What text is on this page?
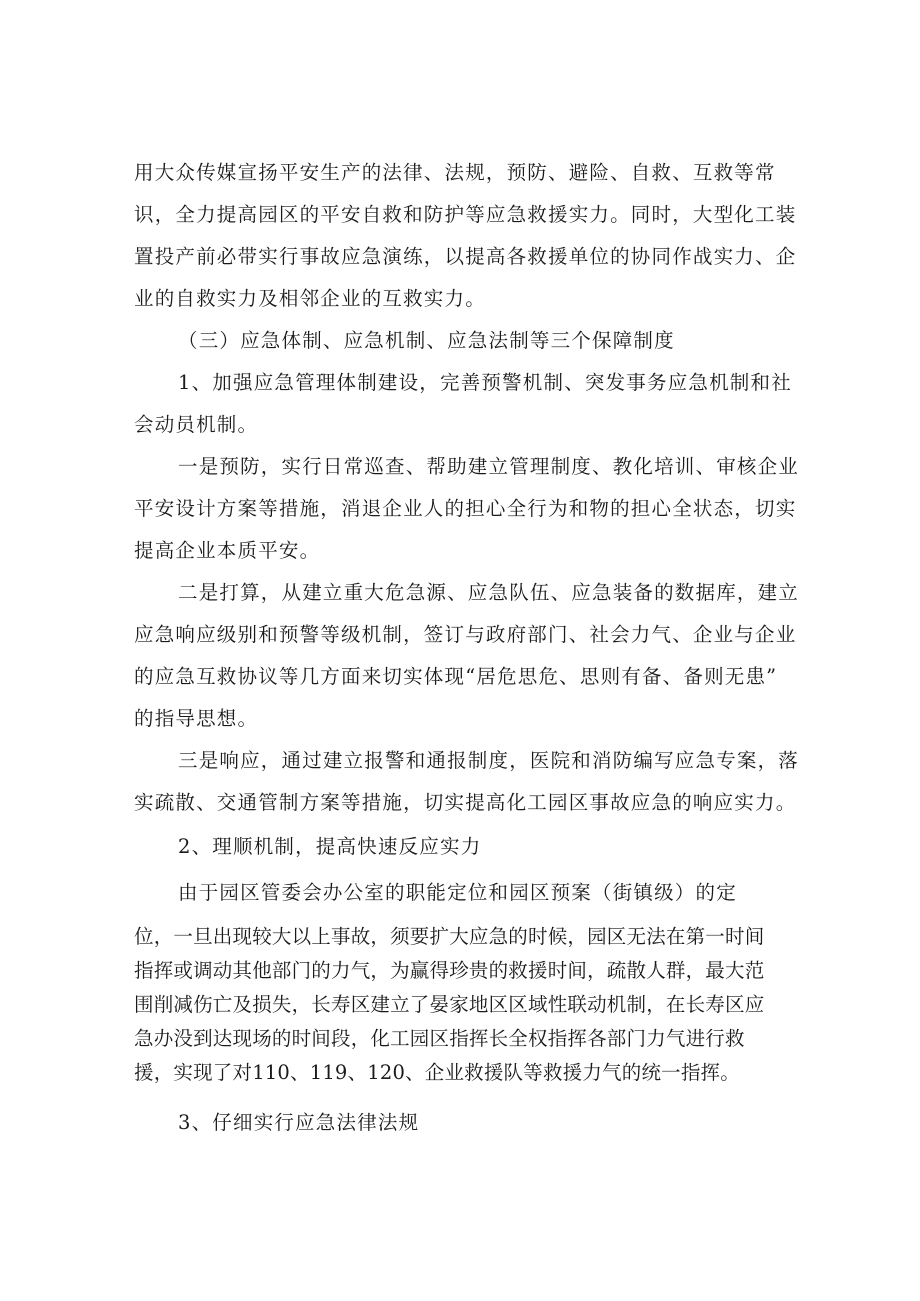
用大众传媒宣扬平安生产的法律、法规，预防、避险、自救、互救等常
识，全力提高园区的平安自救和防护等应急救援实力。同时，大型化工装
置投产前必带实行事故应急演练，以提高各救援单位的协同作战实力、企
业的自救实力及相邻企业的互救实力。
（三）应急体制、应急机制、应急法制等三个保障制度
1、加强应急管理体制建设，完善预警机制、突发事务应急机制和社
会动员机制。
一是预防，实行日常巡查、帮助建立管理制度、教化培训、审核企业
平安设计方案等措施，消退企业人的担心全行为和物的担心全状态，切实
提高企业本质平安。
二是打算，从建立重大危急源、应急队伍、应急装备的数据库，建立
应急响应级别和预警等级机制，签订与政府部门、社会力气、企业与企业
的应急互救协议等几方面来切实体现“居危思危、思则有备、备则无患”
的指导思想。
三是响应，通过建立报警和通报制度，医院和消防编写应急专案，落
实疏散、交通管制方案等措施，切实提高化工园区事故应急的响应实力。
2、理顺机制，提高快速反应实力
由于园区管委会办公室的职能定位和园区预案（街镇级）的定
位，一旦出现较大以上事故，须要扩大应急的时候，园区无法在第一时间
指挥或调动其他部门的力气，为赢得珍贵的救援时间，疏散人群，最大范
围削减伤亡及损失，长寿区建立了晏家地区区域性联动机制，在长寿区应
急办没到达现场的时间段，化工园区指挥长全权指挥各部门力气进行救
援，实现了对110、119、120、企业救援队等救援力气的统一指挥。
3、仔细实行应急法律法规
